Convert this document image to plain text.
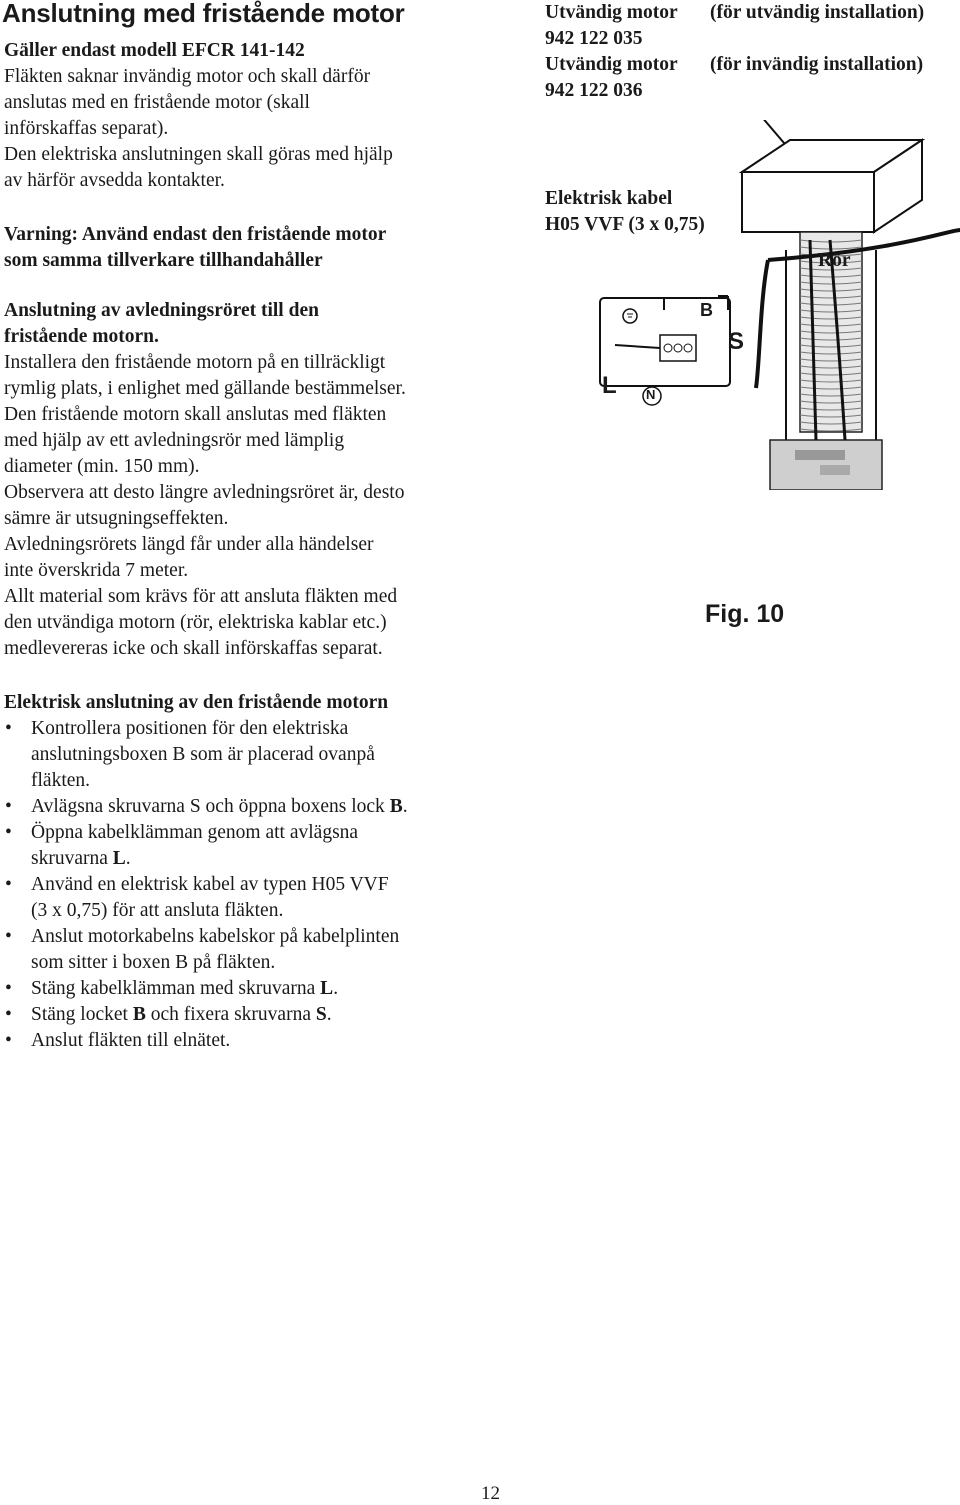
Anslutning med fristående motor

Gäller endast modell EFCR 141-142

Fläkten saknar invändig motor och skall därför
anslutas med en fristående motor (skall
införskaffas separat).
Den elektriska anslutningen skall göras med hjälp
av härför avsedda kontakter.
Varning: Använd endast den fristående motor
som samma tillverkare tillhandahåller
Anslutning av avledningsröret till den
fristående motorn.
Installera den fristående motorn på en tillräckligt
rymlig plats, i enlighet med gällande bestämmelser.
Den fristående motorn skall anslutas med fläkten
med hjälp av ett avledningsrör med lämplig
diameter (min. 150 mm).
Observera att desto längre avledningsröret är, desto
sämre är utsugningseffekten.
Avledningsrörets längd får under alla händelser
inte överskrida 7 meter.
Allt material som krävs för att ansluta fläkten med
den utvändiga motorn (rör, elektriska kablar etc.)
medlevereras icke och skall införskaffas separat.

Elektrisk anslutning av den fristående motorn

• Kontrollera positionen för den elektriska
anslutningsboxen B som är placerad ovanpå
fläkten.
• Avlägsna skruvarna S och öppna boxens lock B.
• Öppna kabelklämman genom att avlägsna
skruvarna L.
• Använd en elektrisk kabel av typen H05 VVF
(3 x 0,75) för att ansluta fläkten.
• Anslut motorkabelns kabelskor på kabelplinten
som sitter i boxen B på fläkten.
• Stäng kabelklämman med skruvarna L.
• Stäng locket B och fixera skruvarna S.
• Anslut fläkten till elnätet.
Utvändig motor (för utvändig installation)
942 122 035
Utvändig motor (för invändig installation)
942 122 036
Elektrisk kabel
H05 VVF (3 x 0,75)
Rör
B
S
L N
Fig. 10
12
